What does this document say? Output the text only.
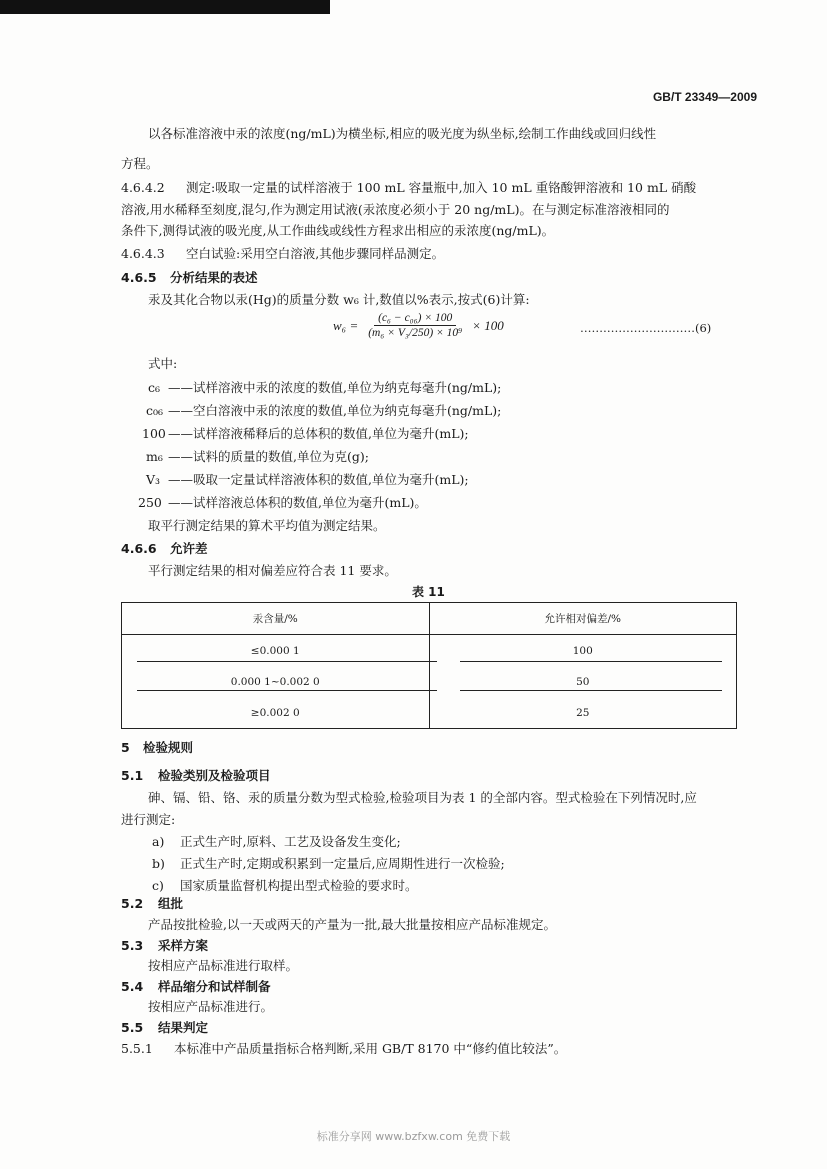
GB/T 23349—2009
以各标准溶液中汞的浓度(ng/mL)为横坐标,相应的吸光度为纵坐标,绘制工作曲线或回归线性
方程。
4.6.4.2 测定:吸取一定量的试样溶液于 100 mL 容量瓶中,加入 10 mL 重铬酸钾溶液和 10 mL 硝酸
溶液,用水稀释至刻度,混匀,作为测定用试液(汞浓度必须小于 20 ng/mL)。在与测定标准溶液相同的
条件下,测得试液的吸光度,从工作曲线或线性方程求出相应的汞浓度(ng/mL)。
4.6.4.3 空白试验:采用空白溶液,其他步骤同样品测定。
4.6.5 分析结果的表述
汞及其化合物以汞(Hg)的质量分数 w₆ 计,数值以%表示,按式(6)计算:
$w_6 = \frac{\text{(c₆ − c₀₆) × 100}}{\text{(m₆ × V₃/250) × 10⁹}} \times 100$	…………………………(6)
式中:
c₆ ——试样溶液中汞的浓度的数值,单位为纳克每毫升(ng/mL);
c₀₆ ——空白溶液中汞的浓度的数值,单位为纳克每毫升(ng/mL);
100 ——试样溶液稀释后的总体积的数值,单位为毫升(mL);
m₆ ——试料的质量的数值,单位为克(g);
V₃ ——吸取一定量试样溶液体积的数值,单位为毫升(mL);
250 ——试样溶液总体积的数值,单位为毫升(mL)。
取平行测定结果的算术平均值为测定结果。
4.6.6 允许差
平行测定结果的相对偏差应符合表 11 要求。
表 11
汞含量/%	允许相对偏差/%
≤0.000 1	100
0.000 1~0.002 0	50
≥0.002 0	25
5 检验规则
5.1 检验类别及检验项目
砷、镉、铅、铬、汞的质量分数为型式检验,检验项目为表 1 的全部内容。型式检验在下列情况时,应
进行测定:
a) 正式生产时,原料、工艺及设备发生变化;
b) 正式生产时,定期或积累到一定量后,应周期性进行一次检验;
c) 国家质量监督机构提出型式检验的要求时。
5.2 组批
产品按批检验,以一天或两天的产量为一批,最大批量按相应产品标准规定。
5.3 采样方案
按相应产品标准进行取样。
5.4 样品缩分和试样制备
按相应产品标准进行。
5.5 结果判定
5.5.1 本标准中产品质量指标合格判断,采用 GB/T 8170 中“修约值比较法”。
标准分享网 www.bzfxw.com 免费下载
